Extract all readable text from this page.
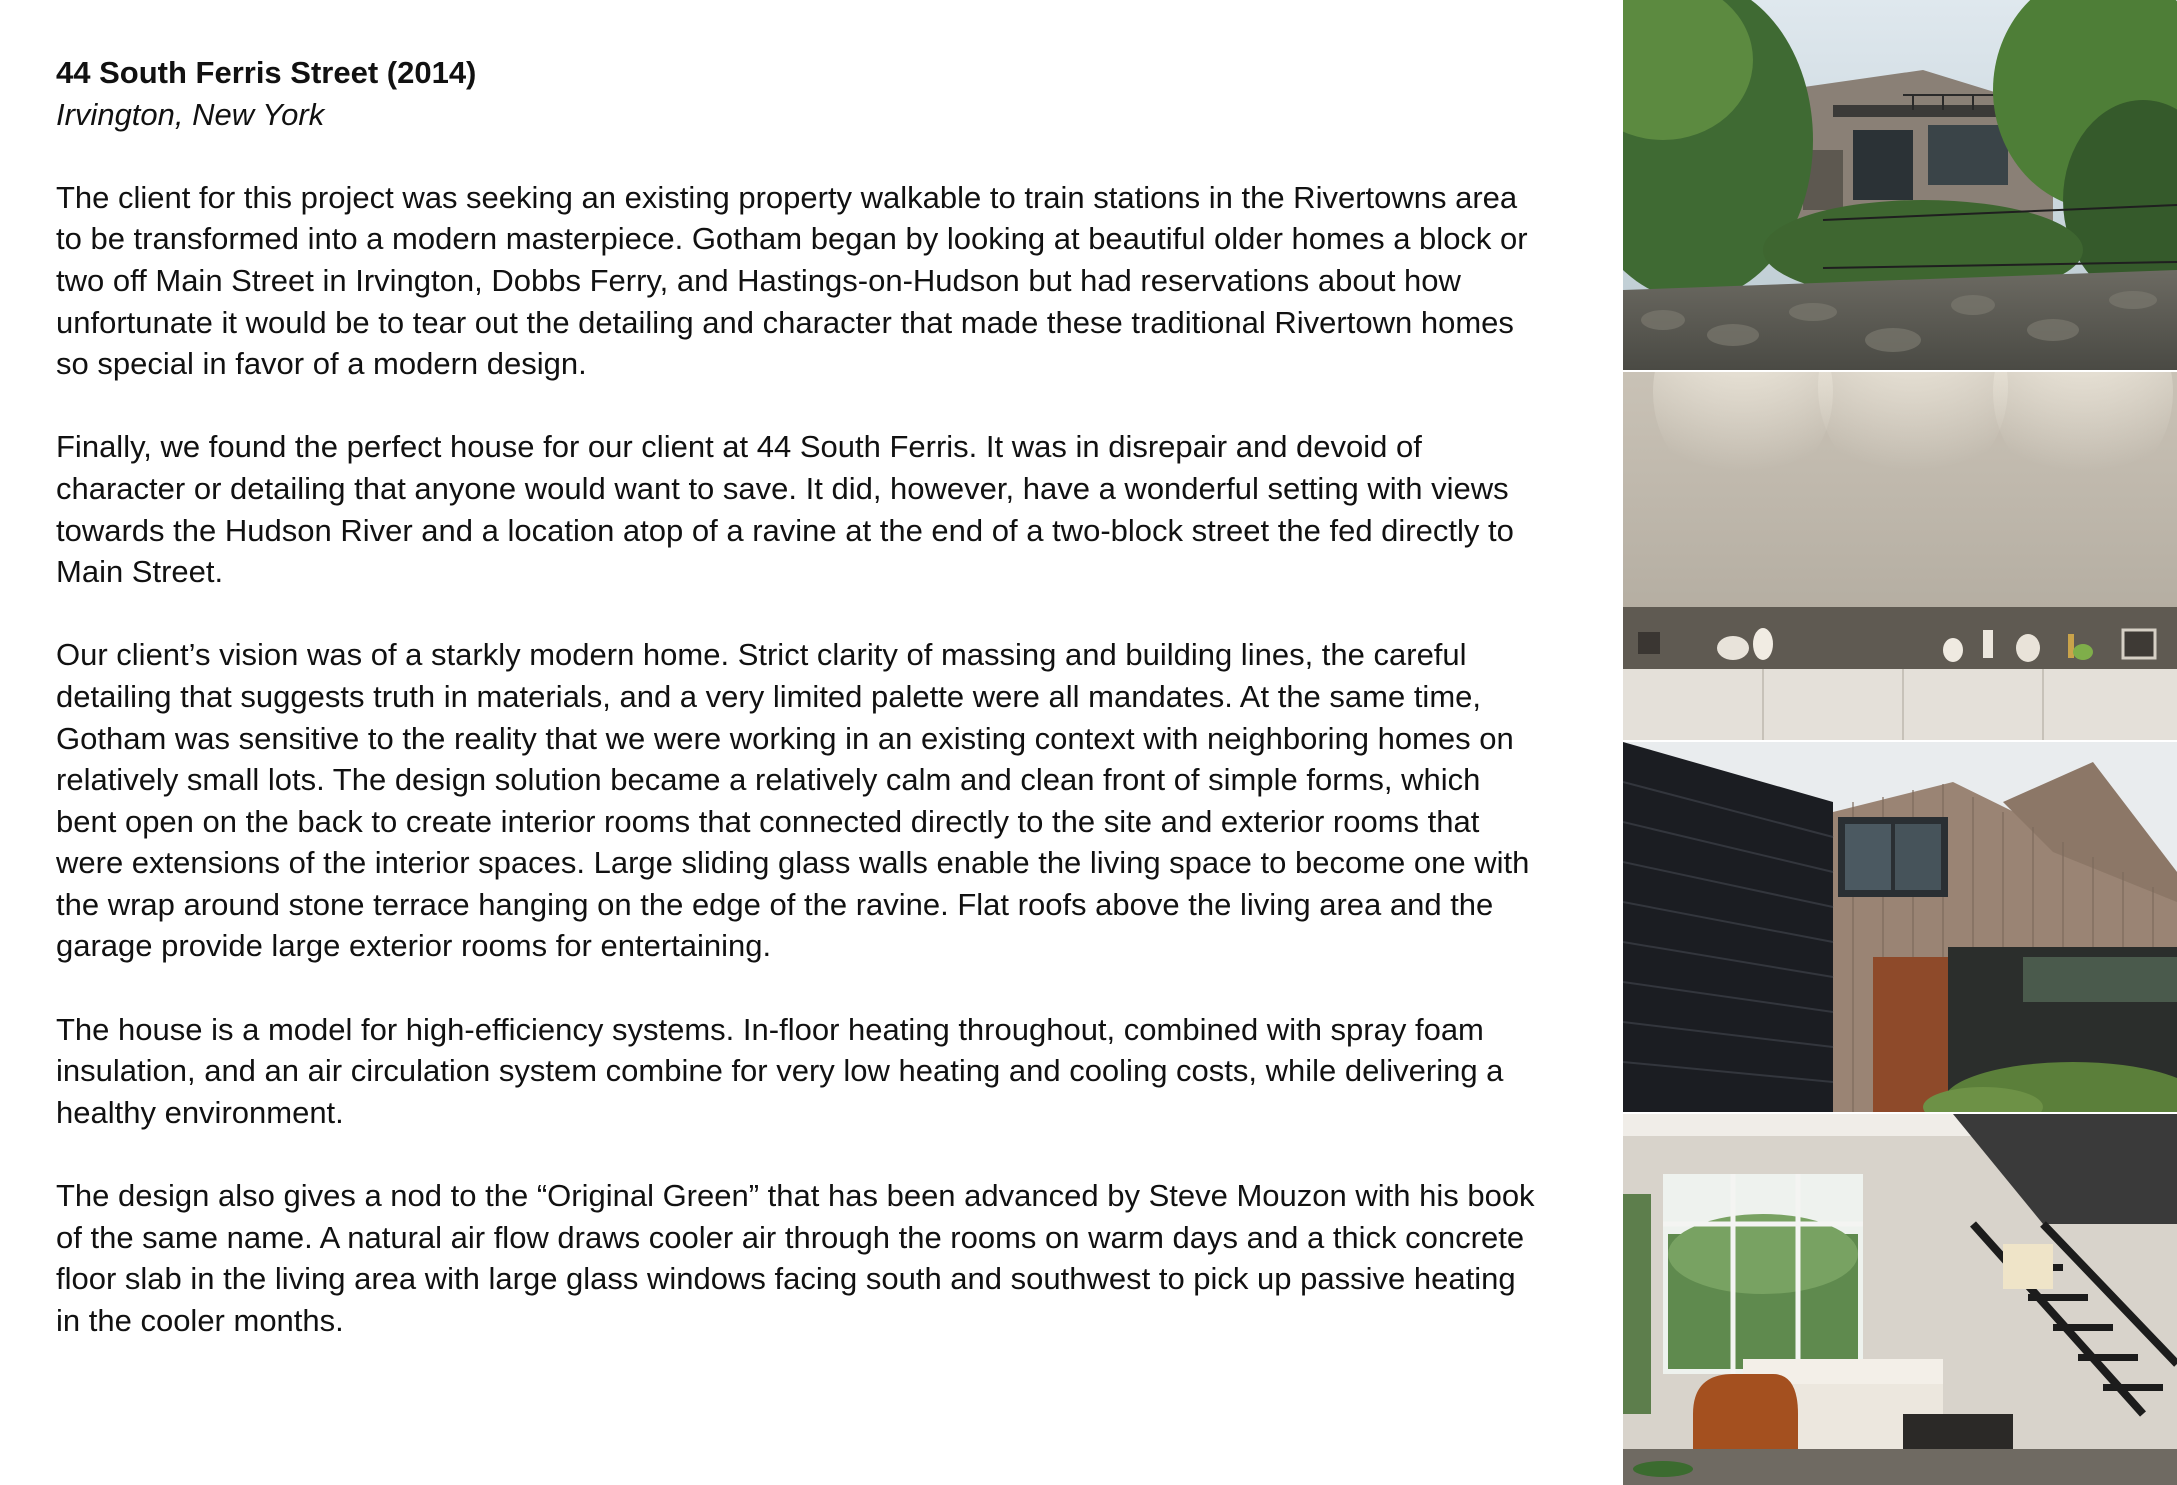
44 South Ferris Street (2014)

Irvington, New York

The client for this project was seeking an existing property walkable to train stations in the Rivertowns area to be transformed into a modern masterpiece. Gotham began by looking at beautiful older homes a block or two off Main Street in Irvington, Dobbs Ferry, and Hastings-on-Hudson but had reservations about how unfortunate it would be to tear out the detailing and character that made these traditional Rivertown homes so special in favor of a modern design.

Finally, we found the perfect house for our client at 44 South Ferris. It was in disrepair and devoid of character or detailing that anyone would want to save. It did, however, have a wonderful setting with views towards the Hudson River and a location atop of a ravine at the end of a two-block street the fed directly to Main Street.

Our client’s vision was of a starkly modern home. Strict clarity of massing and building lines, the careful detailing that suggests truth in materials, and a very limited palette were all mandates. At the same time, Gotham was sensitive to the reality that we were working in an existing context with neighboring homes on relatively small lots. The design solution became a relatively calm and clean front of simple forms, which bent open on the back to create interior rooms that connected directly to the site and exterior rooms that were extensions of the interior spaces. Large sliding glass walls enable the living space to become one with the wrap around stone terrace hanging on the edge of the ravine. Flat roofs above the living area and the garage provide large exterior rooms for entertaining.

The house is a model for high-efficiency systems. In-floor heating throughout, combined with spray foam insulation, and an air circulation system combine for very low heating and cooling costs, while delivering a healthy environment.

The design also gives a nod to the “Original Green” that has been advanced by Steve Mouzon with his book of the same name. A natural air flow draws cooler air through the rooms on warm days and a thick concrete floor slab in the living area with large glass windows facing south and southwest to pick up passive heating in the cooler months.
